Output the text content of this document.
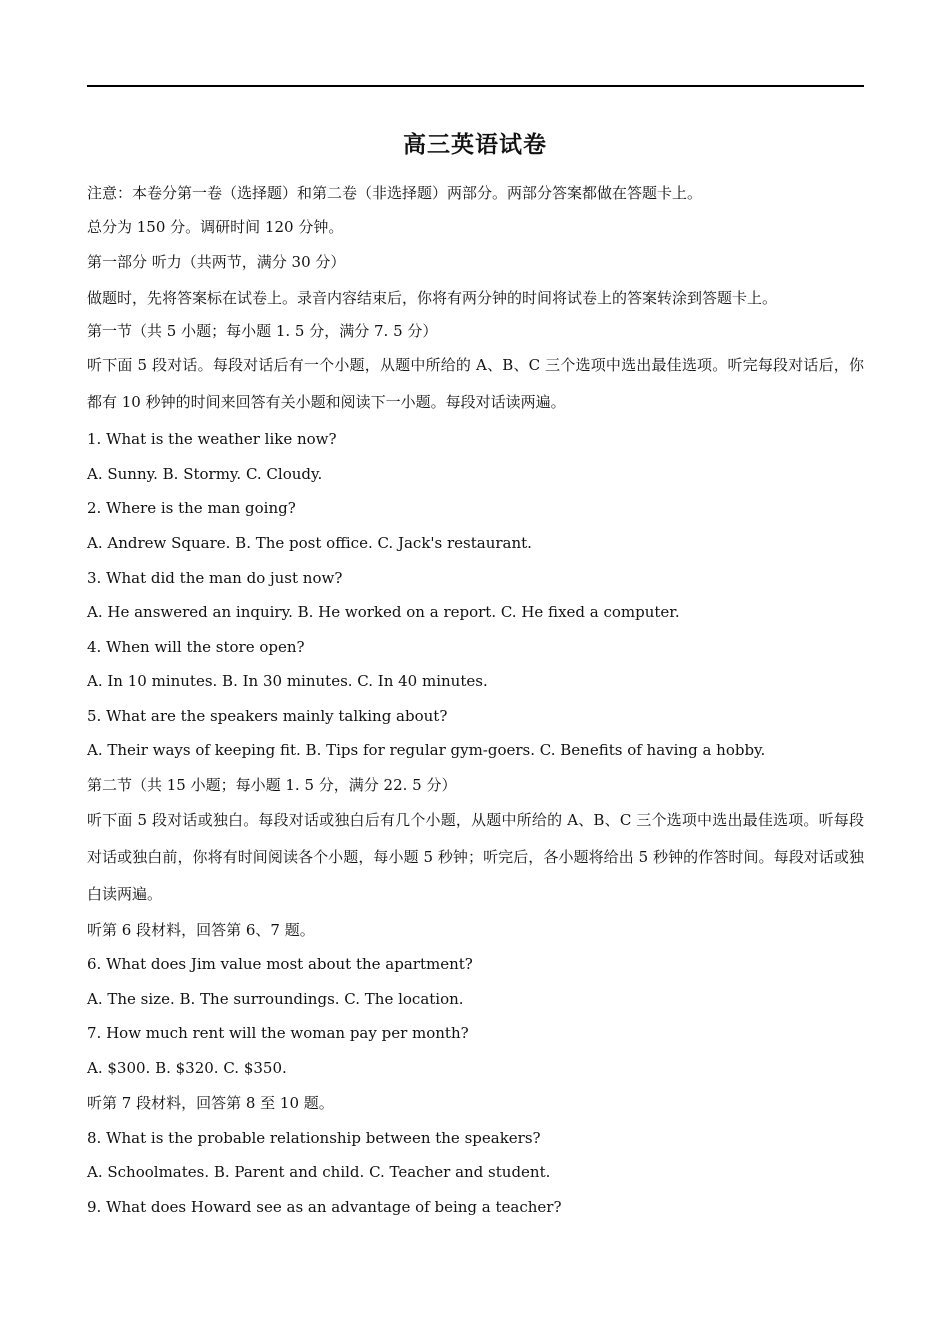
高三英语试卷
注意：本卷分第一卷（选择题）和第二卷（非选择题）两部分。两部分答案都做在答题卡上。
总分为 150 分。调研时间 120 分钟。
第一部分 听力（共两节，满分 30 分）
做题时，先将答案标在试卷上。录音内容结束后，你将有两分钟的时间将试卷上的答案转涂到答题卡上。
第一节（共 5 小题；每小题 1. 5 分，满分 7. 5 分）
听下面 5 段对话。每段对话后有一个小题，从题中所给的 A、B、C 三个选项中选出最佳选项。听完每段对话后，你都有 10 秒钟的时间来回答有关小题和阅读下一小题。每段对话读两遍。
1. What is the weather like now?
A. Sunny. B. Stormy. C. Cloudy.
2. Where is the man going?
A. Andrew Square. B. The post office. C. Jack's restaurant.
3. What did the man do just now?
A. He answered an inquiry. B. He worked on a report. C. He fixed a computer.
4. When will the store open?
A. In 10 minutes. B. In 30 minutes. C. In 40 minutes.
5. What are the speakers mainly talking about?
A. Their ways of keeping fit. B. Tips for regular gym-goers. C. Benefits of having a hobby.
第二节（共 15 小题；每小题 1. 5 分，满分 22. 5 分）
听下面 5 段对话或独白。每段对话或独白后有几个小题，从题中所给的 A、B、C 三个选项中选出最佳选项。听每段对话或独白前，你将有时间阅读各个小题，每小题 5 秒钟；听完后，各小题将给出 5 秒钟的作答时间。每段对话或独白读两遍。
听第 6 段材料，回答第 6、7 题。
6. What does Jim value most about the apartment?
A. The size. B. The surroundings. C. The location.
7. How much rent will the woman pay per month?
A. $300. B. $320. C. $350.
听第 7 段材料，回答第 8 至 10 题。
8. What is the probable relationship between the speakers?
A. Schoolmates. B. Parent and child. C. Teacher and student.
9. What does Howard see as an advantage of being a teacher?
